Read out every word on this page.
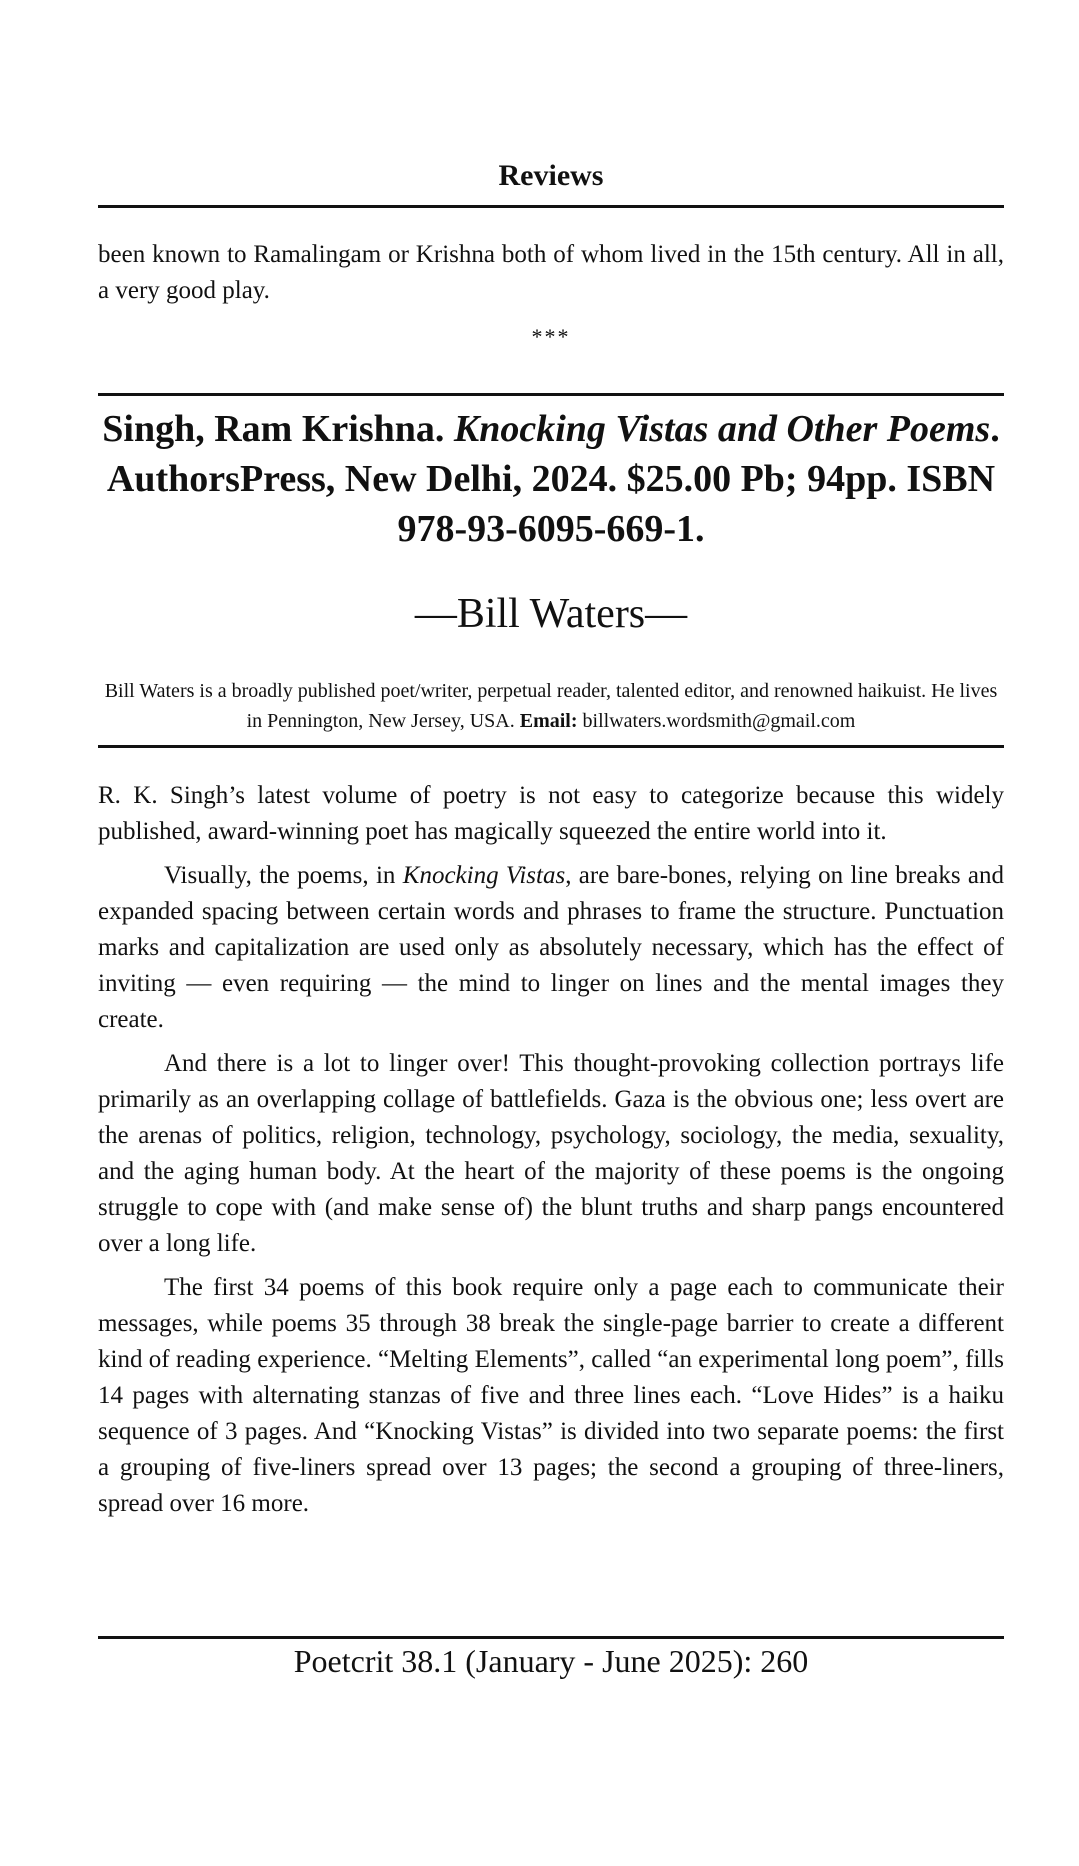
Reviews

been known to Ramalingam or Krishna both of whom lived in the 15th century. All in all, a very good play.

***
Singh, Ram Krishna. Knocking Vistas and Other Poems. AuthorsPress, New Delhi, 2024. $25.00 Pb; 94pp. ISBN 978-93-6095-669-1.
—Bill Waters—
Bill Waters is a broadly published poet/writer, perpetual reader, talented editor, and renowned haikuist. He lives in Pennington, New Jersey, USA. Email: billwaters.wordsmith@gmail.com

R. K. Singh’s latest volume of poetry is not easy to categorize because this widely published, award-winning poet has magically squeezed the entire world into it.

Visually, the poems, in Knocking Vistas, are bare-bones, relying on line breaks and expanded spacing between certain words and phrases to frame the structure. Punctuation marks and capitalization are used only as absolutely necessary, which has the effect of inviting — even requiring — the mind to linger on lines and the mental images they create.

And there is a lot to linger over! This thought-provoking collection portrays life primarily as an overlapping collage of battlefields. Gaza is the obvious one; less overt are the arenas of politics, religion, technology, psychology, sociology, the media, sexuality, and the aging human body. At the heart of the majority of these poems is the ongoing struggle to cope with (and make sense of) the blunt truths and sharp pangs encountered over a long life.

The first 34 poems of this book require only a page each to communicate their messages, while poems 35 through 38 break the single-page barrier to create a different kind of reading experience. “Melting Elements”, called “an experimental long poem”, fills 14 pages with alternating stanzas of five and three lines each. “Love Hides” is a haiku sequence of 3 pages. And “Knocking Vistas” is divided into two separate poems: the first a grouping of five-liners spread over 13 pages; the second a grouping of three-liners, spread over 16 more.

Poetcrit 38.1 (January - June 2025): 260
